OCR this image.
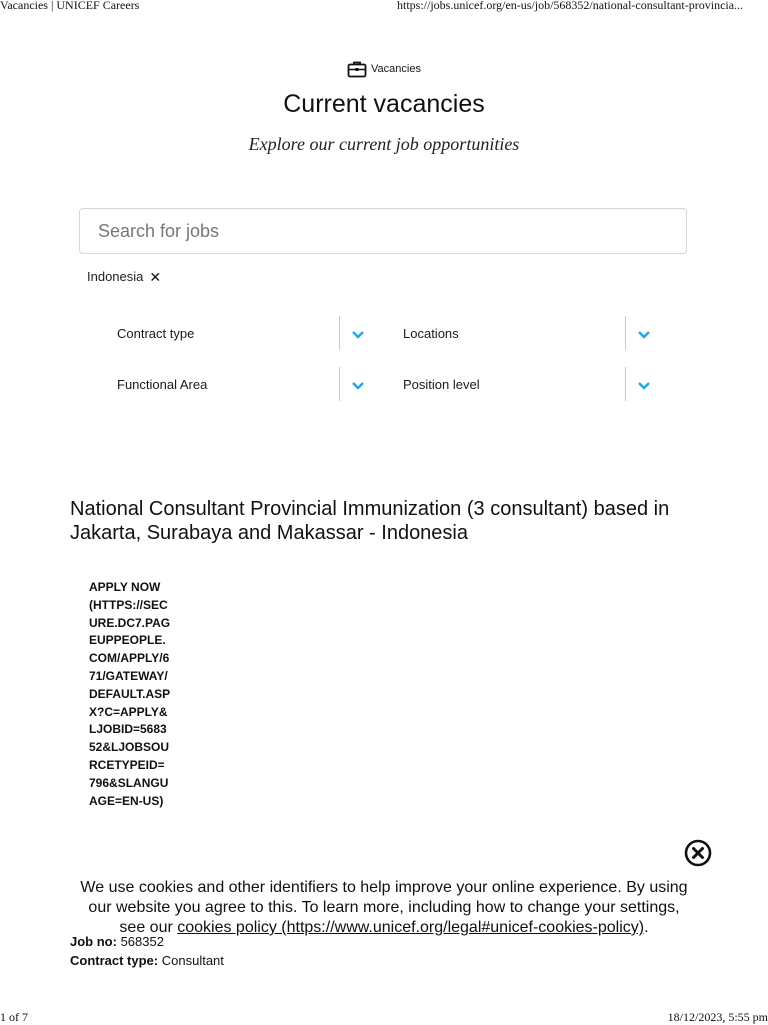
Vacancies | UNICEF Careers	https://jobs.unicef.org/en-us/job/568352/national-consultant-provincia...
Vacancies
Current vacancies
Explore our current job opportunities
Search for jobs
Indonesia ✕
Contract type	Locations
Functional Area	Position level
National Consultant Provincial Immunization (3 consultant) based in Jakarta, Surabaya and Makassar - Indonesia
APPLY NOW (HTTPS://SECURE.DC7.PAGEUPPEOPLE.COM/APPLY/671/GATEWAY/DEFAULT.ASPX?C=APPLY&LJOBID=568352&LJOBSOURCETYPEID=796&SLANGUAGE=EN-US)
Job no: 568352
Contract type: Consultant
We use cookies and other identifiers to help improve your online experience. By using our website you agree to this. To learn more, including how to change your settings, see our cookies policy (https://www.unicef.org/legal#unicef-cookies-policy).
1 of 7	18/12/2023, 5:55 pm
